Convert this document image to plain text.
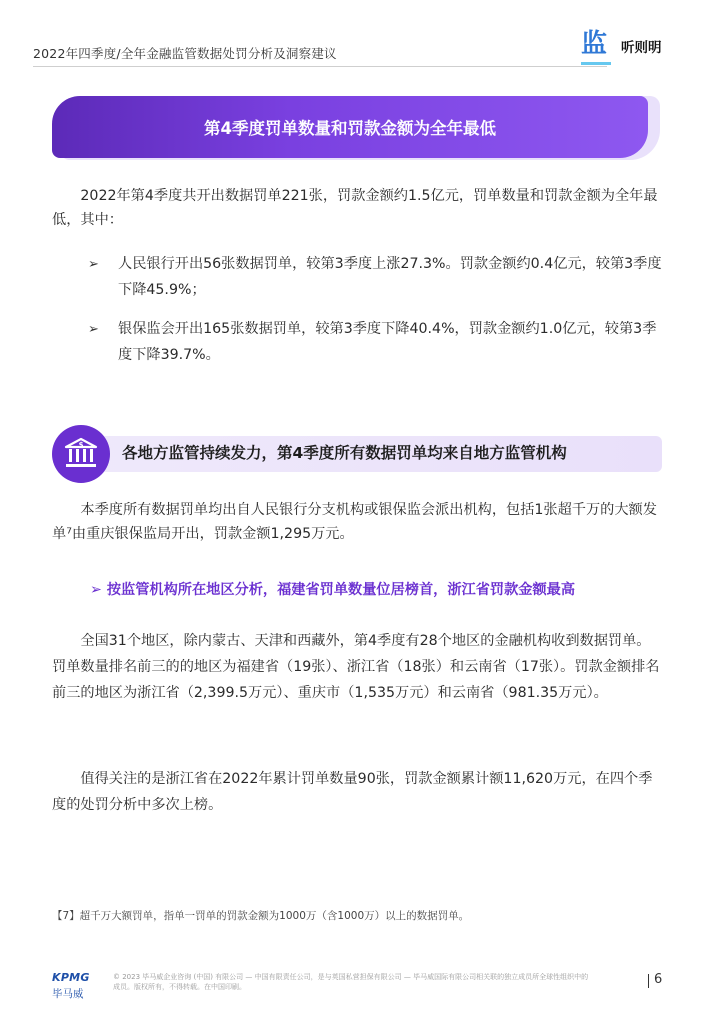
2022年四季度/全年金融监管数据处罚分析及洞察建议	监	听则明
第4季度罚单数量和罚款金额为全年最低
2022年第4季度共开出数据罚单221张，罚款金额约1.5亿元，罚单数量和罚款金额为全年最低，其中：
➢ 人民银行开出56张数据罚单，较第3季度上涨27.3%。罚款金额约0.4亿元，较第3季度下降45.9%；
➢ 银保监会开出165张数据罚单，较第3季度下降40.4%，罚款金额约1.0亿元，较第3季度下降39.7%。
$ 各地方监管持续发力，第4季度所有数据罚单均来自地方监管机构
本季度所有数据罚单均出自人民银行分支机构或银保监会派出机构，包括1张超千万的大额发单⁷由重庆银保监局开出，罚款金额1,295万元。
➢ 按监管机构所在地区分析，福建省罚单数量位居榜首，浙江省罚款金额最高
全国31个地区，除内蒙古、天津和西藏外，第4季度有28个地区的金融机构收到数据罚单。罚单数量排名前三的的地区为福建省（19张）、浙江省（18张）和云南省（17张）。罚款金额排名前三的地区为浙江省（2,399.5万元）、重庆市（1,535万元）和云南省（981.35万元）。
值得关注的是浙江省在2022年累计罚单数量90张，罚款金额累计额11,620万元，在四个季度的处罚分析中多次上榜。
【7】超千万大额罚单，指单一罚单的罚款金额为1000万（含1000万）以上的数据罚单。
KPMG
毕马威
© 2023 毕马威企业咨询 (中国) 有限公司 — 中国有限责任公司，是与英国私营担保有限公司 — 毕马威国际有限公司相关联的独立成员所全球性组织中的成员。版权所有，不得转载。在中国印刷。	6
